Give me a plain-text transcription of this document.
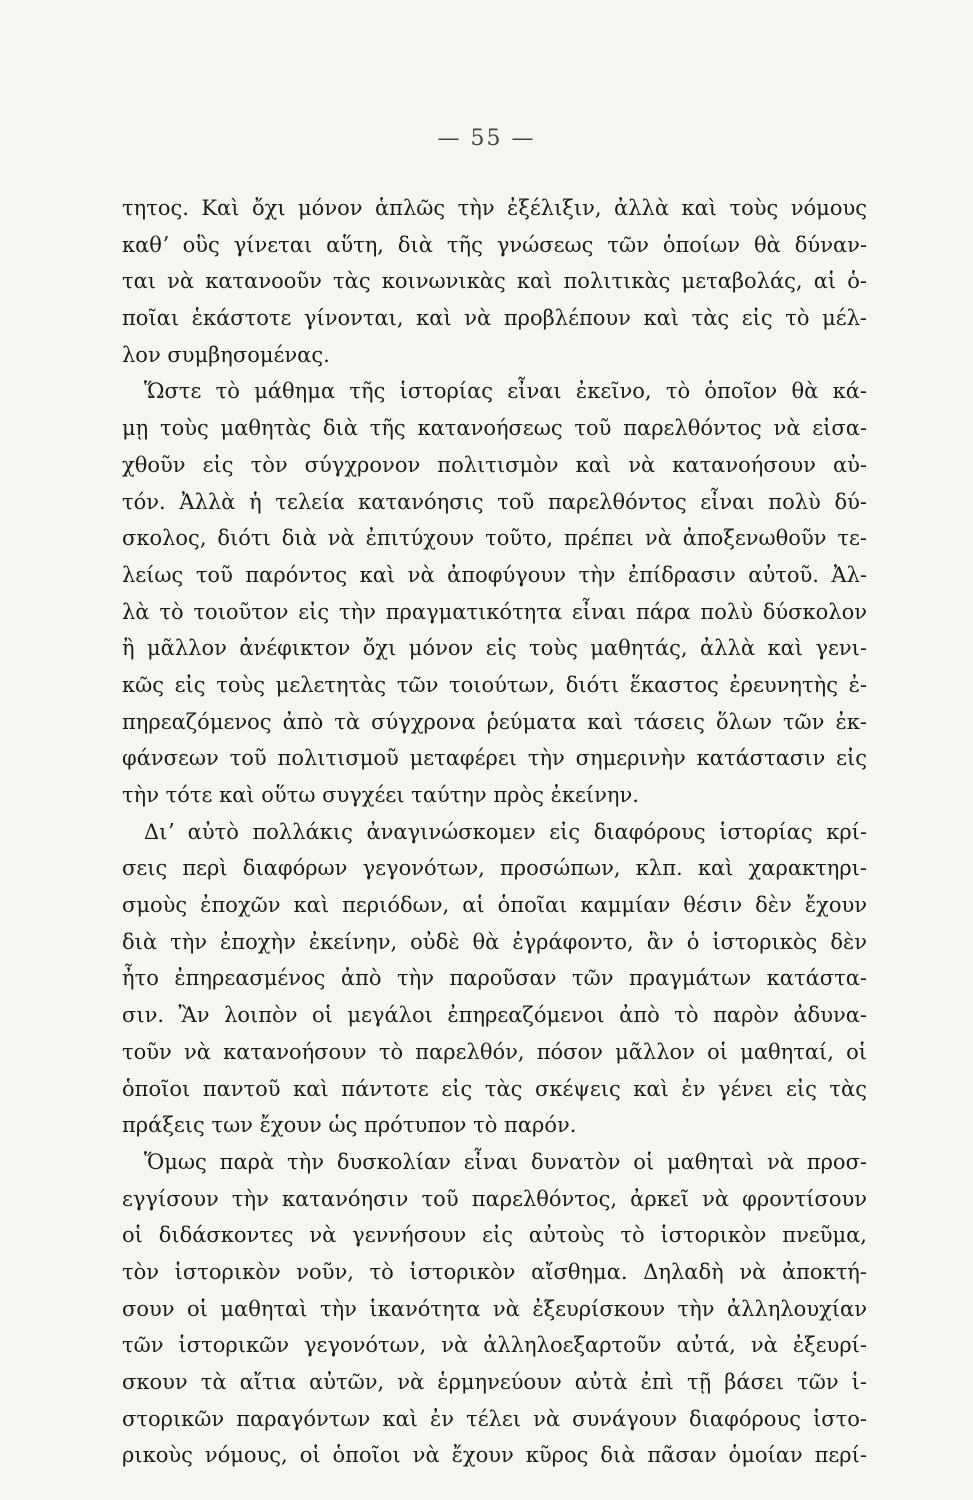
— 55 —
τητος. Καὶ ὄχι μόνον ἁπλῶς τὴν ἐξέλιξιν, ἀλλὰ καὶ τοὺς νόμους
καθʼ οὓς γίνεται αὕτη, διὰ τῆς γνώσεως τῶν ὁποίων θὰ δύναν-
ται νὰ κατανοοῦν τὰς κοινωνικὰς καὶ πολιτικὰς μεταβολάς, αἱ ὁ-
ποῖαι ἑκάστοτε γίνονται, καὶ νὰ προβλέπουν καὶ τὰς εἰς τὸ μέλ-
λον συμβησομένας.
Ὥστε τὸ μάθημα τῆς ἱστορίας εἶναι ἐκεῖνο, τὸ ὁποῖον θὰ κά-
μῃ τοὺς μαθητὰς διὰ τῆς κατανοήσεως τοῦ παρελθόντος νὰ εἰσα-
χθοῦν εἰς τὸν σύγχρονον πολιτισμὸν καὶ νὰ κατανοήσουν αὐ-
τόν. Ἀλλὰ ἡ τελεία κατανόησις τοῦ παρελθόντος εἶναι πολὺ δύ-
σκολος, διότι διὰ νὰ ἐπιτύχουν τοῦτο, πρέπει νὰ ἀποξενωθοῦν τε-
λείως τοῦ παρόντος καὶ νὰ ἀποφύγουν τὴν ἐπίδρασιν αὐτοῦ. Ἀλ-
λὰ τὸ τοιοῦτον εἰς τὴν πραγματικότητα εἶναι πάρα πολὺ δύσκολον
ἢ μᾶλλον ἀνέφικτον ὄχι μόνον εἰς τοὺς μαθητάς, ἀλλὰ καὶ γενι-
κῶς εἰς τοὺς μελετητὰς τῶν τοιούτων, διότι ἕκαστος ἐρευνητὴς ἐ-
πηρεαζόμενος ἀπὸ τὰ σύγχρονα ῥεύματα καὶ τάσεις ὅλων τῶν ἐκ-
φάνσεων τοῦ πολιτισμοῦ μεταφέρει τὴν σημερινὴν κατάστασιν εἰς
τὴν τότε καὶ οὕτω συγχέει ταύτην πρὸς ἐκείνην.
Διʼ αὐτὸ πολλάκις ἀναγινώσκομεν εἰς διαφόρους ἱστορίας κρί-
σεις περὶ διαφόρων γεγονότων, προσώπων, κλπ. καὶ χαρακτηρι-
σμοὺς ἐποχῶν καὶ περιόδων, αἱ ὁποῖαι καμμίαν θέσιν δὲν ἔχουν
διὰ τὴν ἐποχὴν ἐκείνην, οὐδὲ θὰ ἐγράφοντο, ἂν ὁ ἱστορικὸς δὲν
ἦτο ἐπηρεασμένος ἀπὸ τὴν παροῦσαν τῶν πραγμάτων κατάστα-
σιν. Ἂν λοιπὸν οἱ μεγάλοι ἐπηρεαζόμενοι ἀπὸ τὸ παρὸν ἀδυνα-
τοῦν νὰ κατανοήσουν τὸ παρελθόν, πόσον μᾶλλον οἱ μαθηταί, οἱ
ὁποῖοι παντοῦ καὶ πάντοτε εἰς τὰς σκέψεις καὶ ἐν γένει εἰς τὰς
πράξεις των ἔχουν ὡς πρότυπον τὸ παρόν.
Ὅμως παρὰ τὴν δυσκολίαν εἶναι δυνατὸν οἱ μαθηταὶ νὰ προσ-
εγγίσουν τὴν κατανόησιν τοῦ παρελθόντος, ἀρκεῖ νὰ φροντίσουν
οἱ διδάσκοντες νὰ γεννήσουν εἰς αὐτοὺς τὸ ἱστορικὸν πνεῦμα,
τὸν ἱστορικὸν νοῦν, τὸ ἱστορικὸν αἴσθημα. Δηλαδὴ νὰ ἀποκτή-
σουν οἱ μαθηταὶ τὴν ἱκανότητα νὰ ἐξευρίσκουν τὴν ἀλληλουχίαν
τῶν ἱστορικῶν γεγονότων, νὰ ἀλληλοεξαρτοῦν αὐτά, νὰ ἐξευρί-
σκουν τὰ αἴτια αὐτῶν, νὰ ἑρμηνεύουν αὐτὰ ἐπὶ τῇ βάσει τῶν ἱ-
στορικῶν παραγόντων καὶ ἐν τέλει νὰ συνάγουν διαφόρους ἱστο-
ρικοὺς νόμους, οἱ ὁποῖοι νὰ ἔχουν κῦρος διὰ πᾶσαν ὁμοίαν περί-
